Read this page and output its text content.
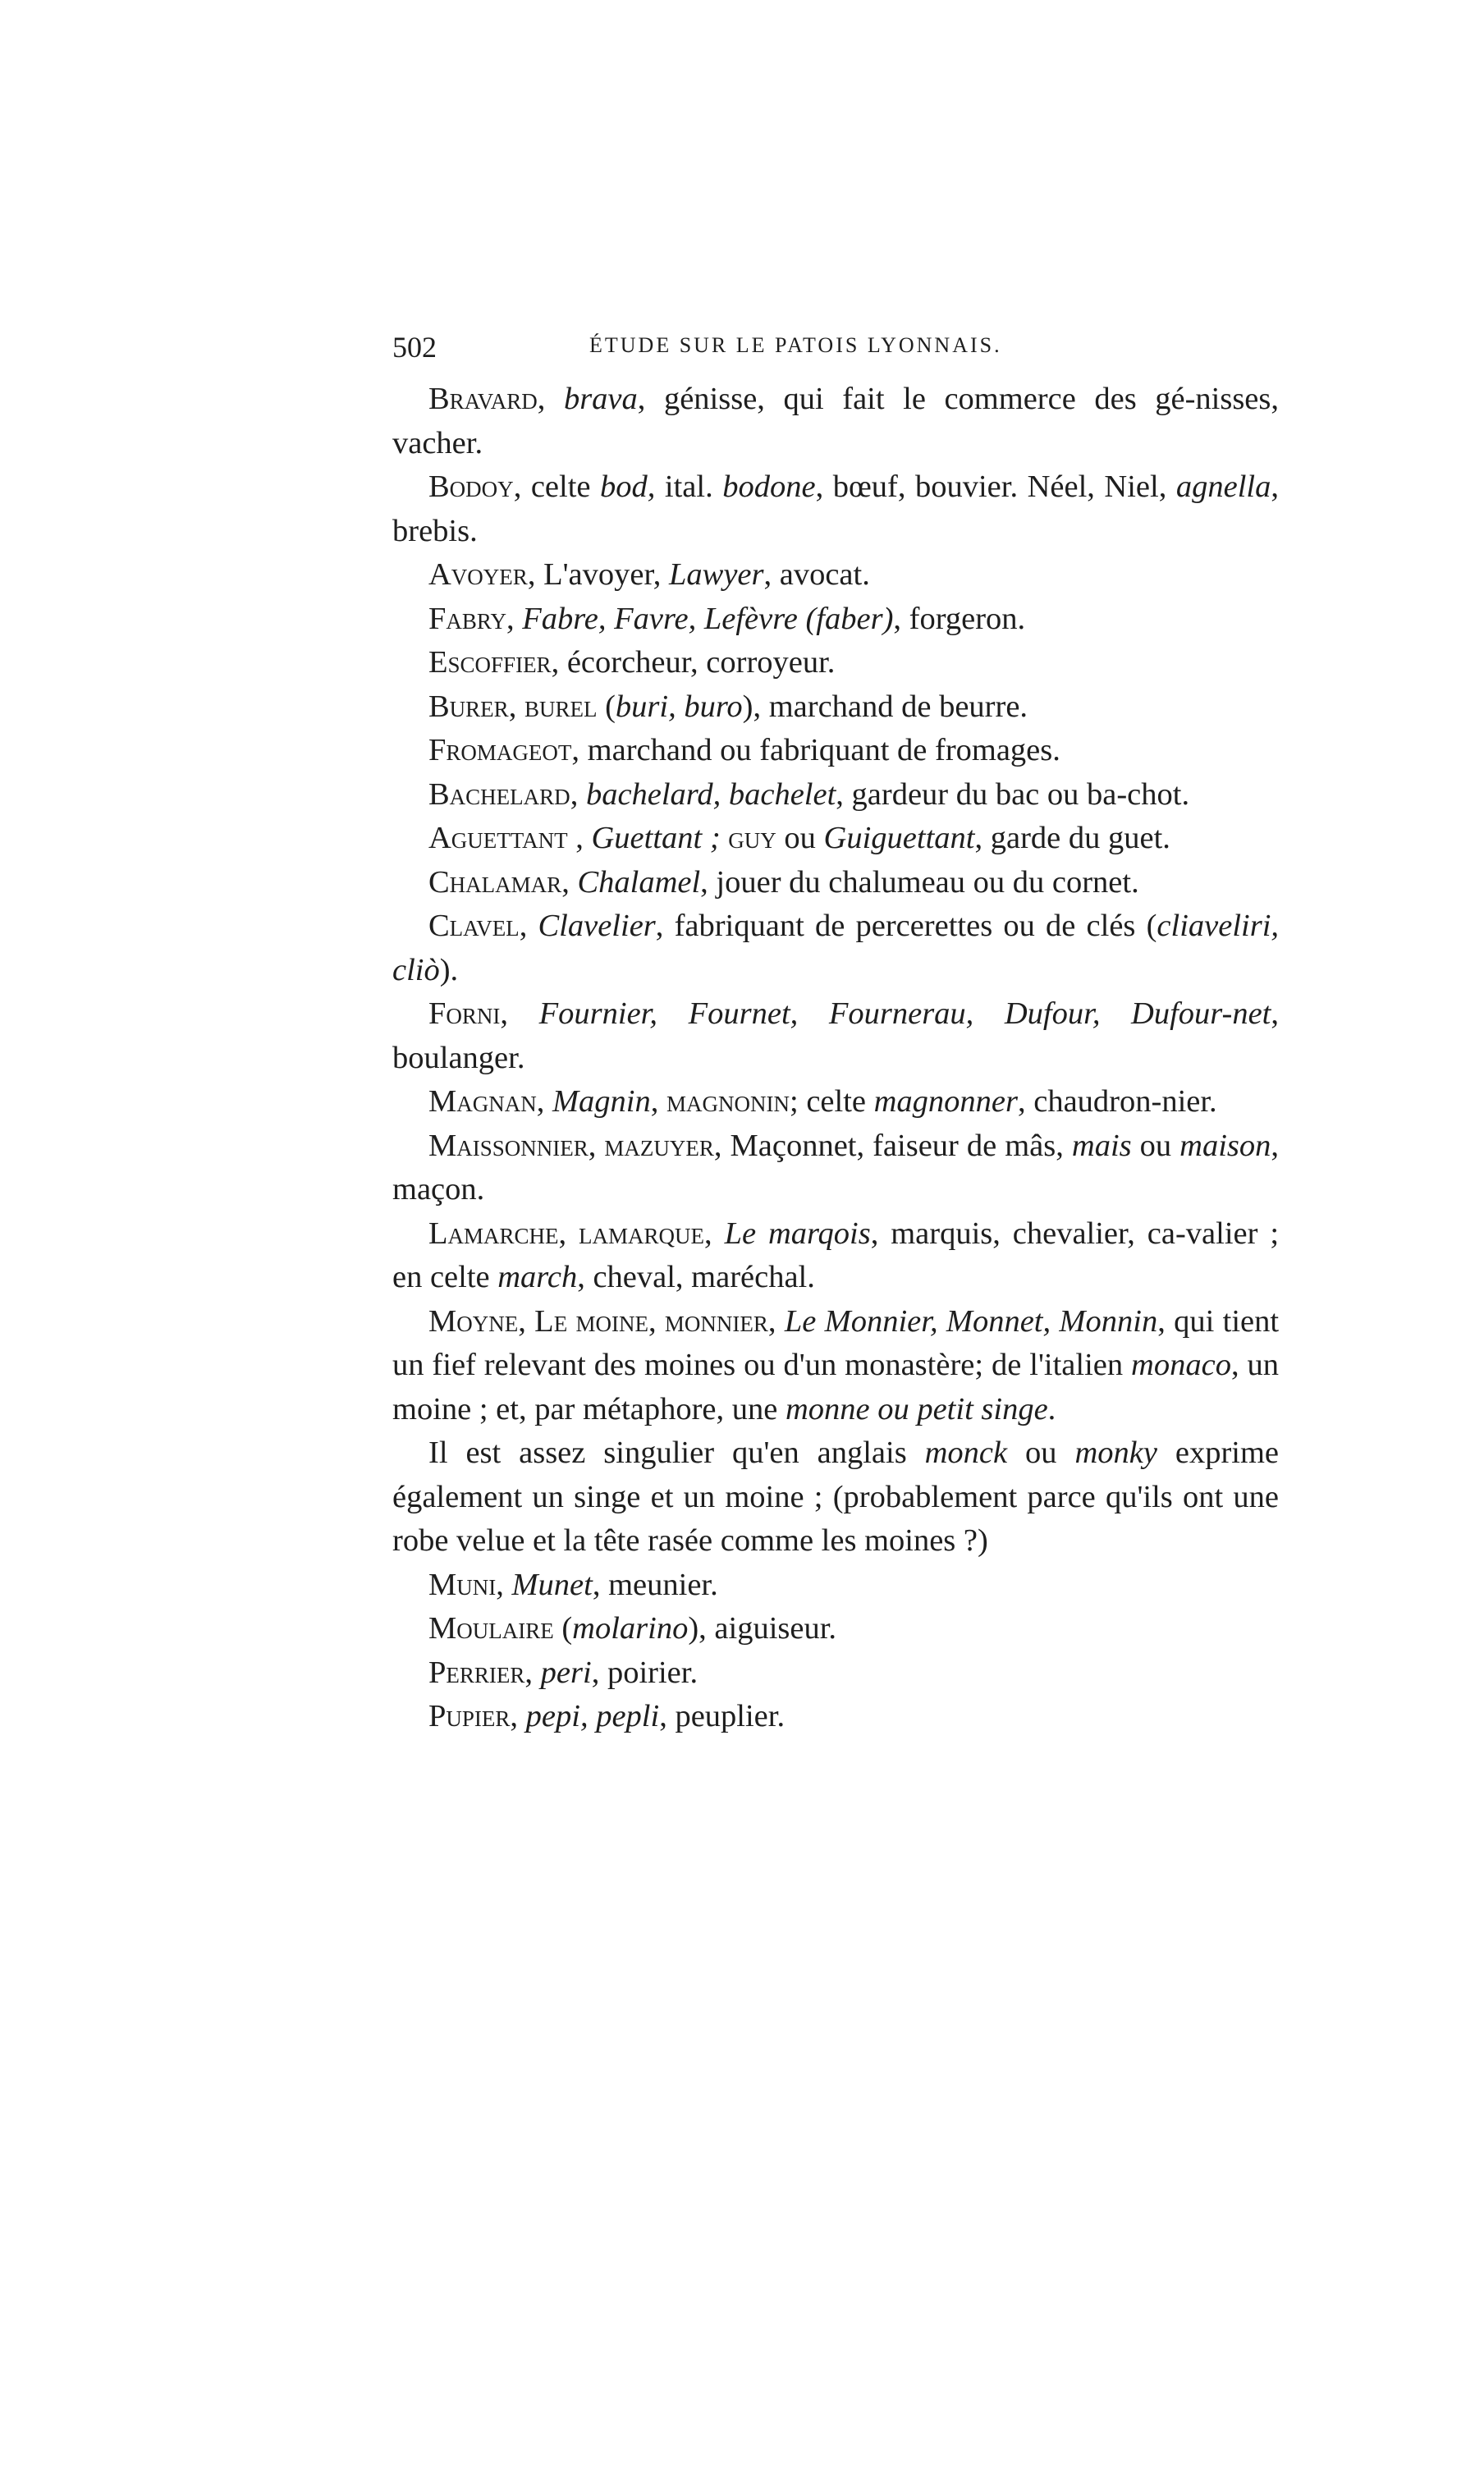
502	ÉTUDE SUR LE PATOIS LYONNAIS.

Bravard, brava, génisse, qui fait le commerce des gé-nisses, vacher.

Bodoy, celte bod, ital. bodone, bœuf, bouvier. Néel, Niel, agnella, brebis.

Avoyer, L'avoyer, Lawyer, avocat.

Fabry, Fabre, Favre, Lefèvre (faber), forgeron.

Escoffier, écorcheur, corroyeur.

Burer, burel (buri, buro), marchand de beurre.

Fromageot, marchand ou fabriquant de fromages.

Bachelard, bachelard, bachelet, gardeur du bac ou ba-chot.

Aguettant , Guettant ; guy ou Guiguettant, garde du guet.

Chalamar, Chalamel, jouer du chalumeau ou du cornet.

Clavel, Clavelier, fabriquant de percerettes ou de clés (cliaveliri, cliò).

Forni, Fournier, Fournet, Fournerau, Dufour, Dufour-net, boulanger.

Magnan, Magnin, magnonin; celte magnonner, chaudron-nier.

Maissonnier, mazuyer, Maçonnet, faiseur de mâs, mais ou maison, maçon.

Lamarche, lamarque, Le marqois, marquis, chevalier, ca-valier ; en celte march, cheval, maréchal.

Moyne, Le moine, monnier, Le Monnier, Monnet, Monnin, qui tient un fief relevant des moines ou d'un monastère; de l'italien monaco, un moine ; et, par métaphore, une monne ou petit singe.

Il est assez singulier qu'en anglais monck ou monky exprime également un singe et un moine ; (probablement parce qu'ils ont une robe velue et la tête rasée comme les moines ?)

Muni, Munet, meunier.

Moulaire (molarino), aiguiseur.

Perrier, peri, poirier.

Pupier, pepi, pepli, peuplier.
